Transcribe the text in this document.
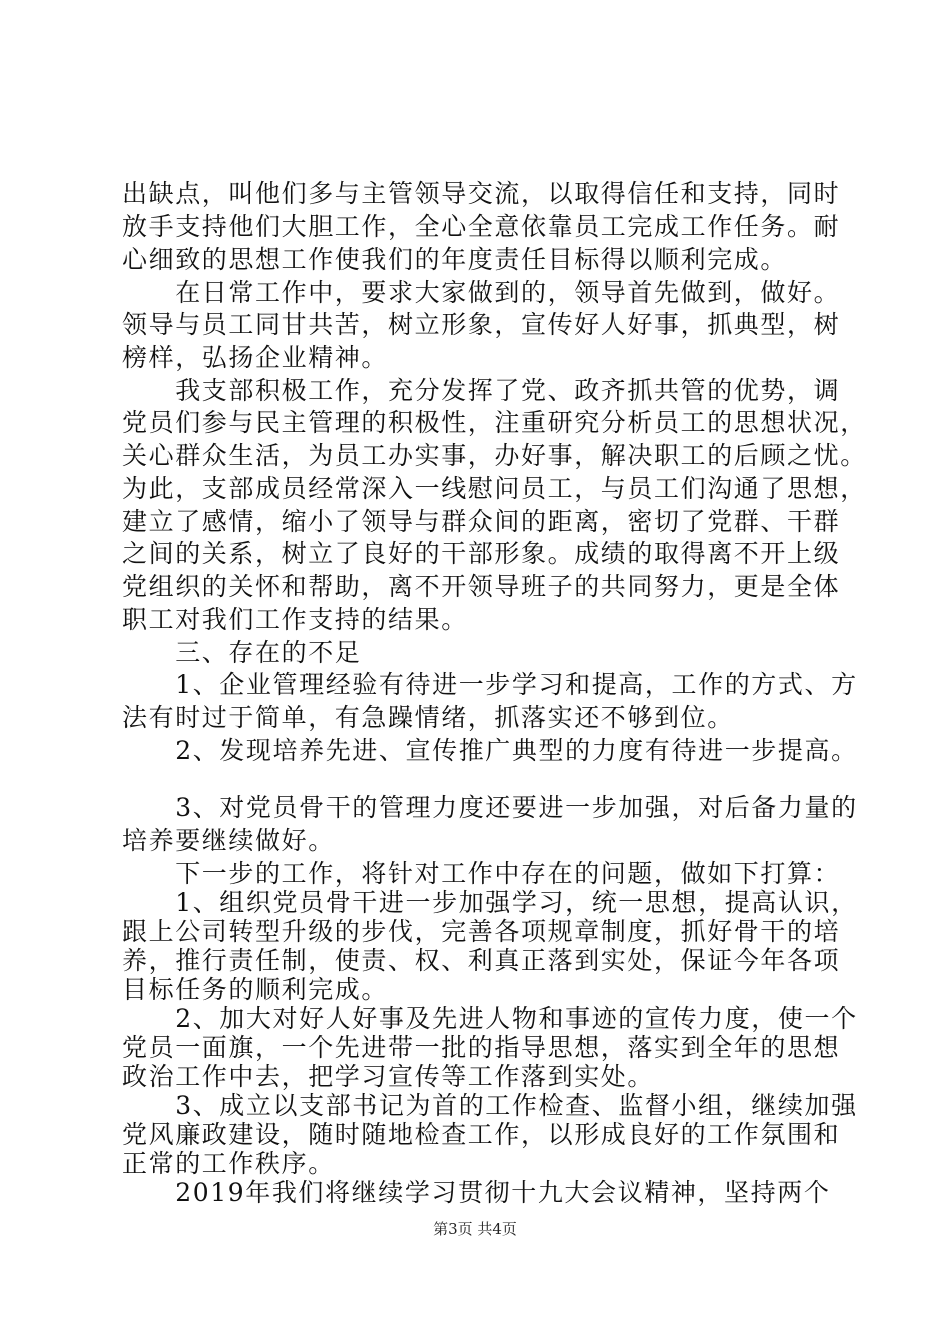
出缺点，叫他们多与主管领导交流，以取得信任和支持，同时
放手支持他们大胆工作，全心全意依靠员工完成工作任务。耐
心细致的思想工作使我们的年度责任目标得以顺利完成。
　　在日常工作中，要求大家做到的，领导首先做到，做好。
领导与员工同甘共苦，树立形象，宣传好人好事，抓典型，树
榜样，弘扬企业精神。
　　我支部积极工作，充分发挥了党、政齐抓共管的优势，调
党员们参与民主管理的积极性，注重研究分析员工的思想状况，
关心群众生活，为员工办实事，办好事，解决职工的后顾之忧。
为此，支部成员经常深入一线慰问员工，与员工们沟通了思想，
建立了感情，缩小了领导与群众间的距离，密切了党群、干群
之间的关系，树立了良好的干部形象。成绩的取得离不开上级
党组织的关怀和帮助，离不开领导班子的共同努力，更是全体
职工对我们工作支持的结果。
　　三、存在的不足
　　1、企业管理经验有待进一步学习和提高，工作的方式、方
法有时过于简单，有急躁情绪，抓落实还不够到位。
　　2、发现培养先进、宣传推广典型的力度有待进一步提高。
　　3、对党员骨干的管理力度还要进一步加强，对后备力量的
培养要继续做好。
　　下一步的工作，将针对工作中存在的问题，做如下打算：
　　1、组织党员骨干进一步加强学习，统一思想，提高认识，
跟上公司转型升级的步伐，完善各项规章制度，抓好骨干的培
养，推行责任制，使责、权、利真正落到实处，保证今年各项
目标任务的顺利完成。
　　2、加大对好人好事及先进人物和事迹的宣传力度，使一个
党员一面旗，一个先进带一批的指导思想，落实到全年的思想
政治工作中去，把学习宣传等工作落到实处。
　　3、成立以支部书记为首的工作检查、监督小组，继续加强
党风廉政建设，随时随地检查工作，以形成良好的工作氛围和
正常的工作秩序。
　　2019年我们将继续学习贯彻十九大会议精神，坚持两个
第3页 共4页
